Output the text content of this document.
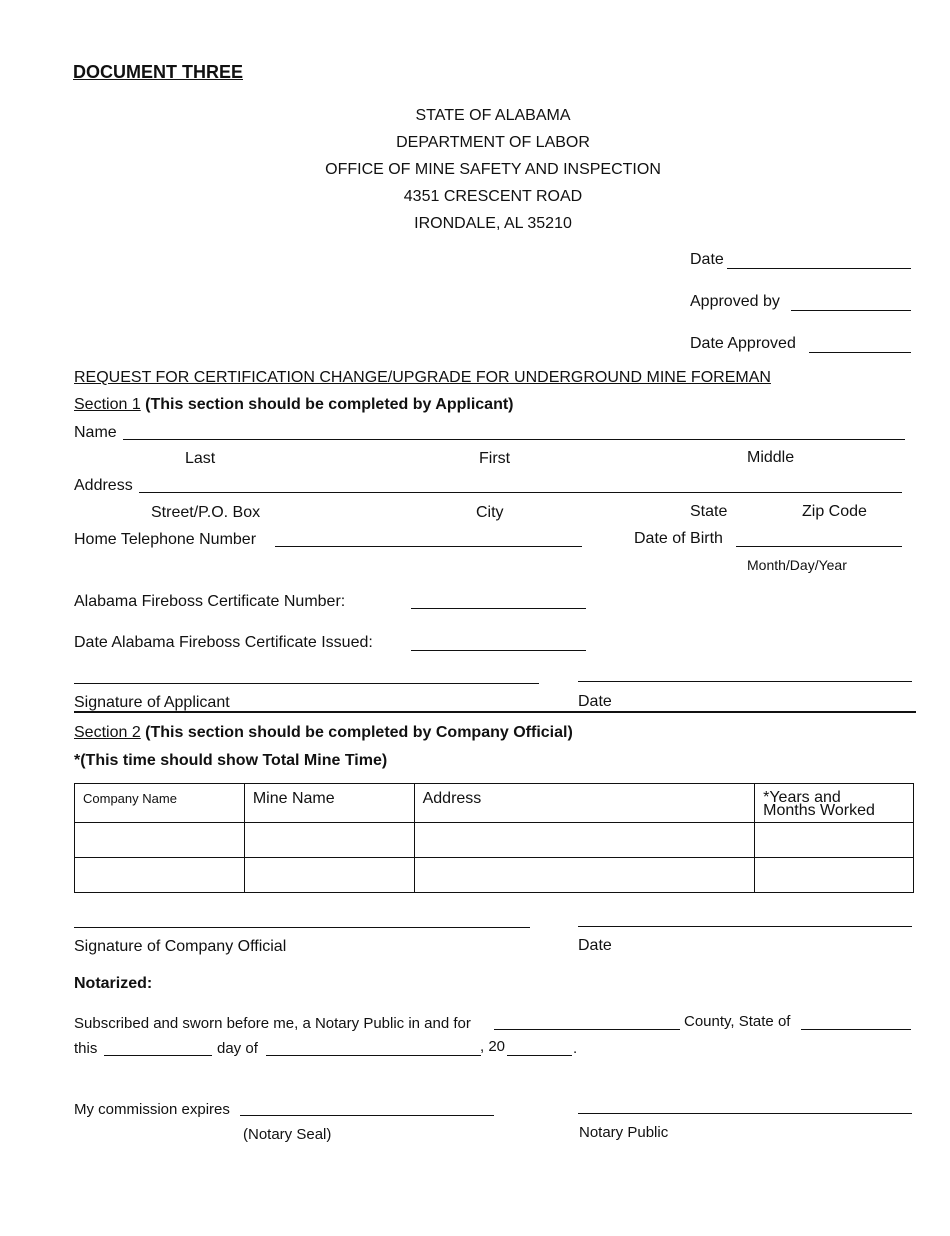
DOCUMENT THREE
STATE OF ALABAMA
DEPARTMENT OF LABOR
OFFICE OF MINE SAFETY AND INSPECTION
4351 CRESCENT ROAD
IRONDALE, AL 35210
Date
Approved by
Date Approved
REQUEST FOR CERTIFICATION CHANGE/UPGRADE FOR UNDERGROUND MINE FOREMAN
Section 1 (This section should be completed by Applicant)
Name
Last	First	Middle
Address
Street/P.O. Box	City	State	Zip Code
Home Telephone Number	Date of Birth
Month/Day/Year
Alabama Fireboss Certificate Number:
Date Alabama Fireboss Certificate Issued:
Signature of Applicant	Date
Section 2 (This section should be completed by Company Official)
*(This time should show Total Mine Time)
Company Name	Mine Name	Address	*Years and
Months Worked

Signature of Company Official	Date
Notarized:
Subscribed and sworn before me, a Notary Public in and for	County, State of
this	day of	, 20	.
My commission expires
(Notary Seal)	Notary Public
